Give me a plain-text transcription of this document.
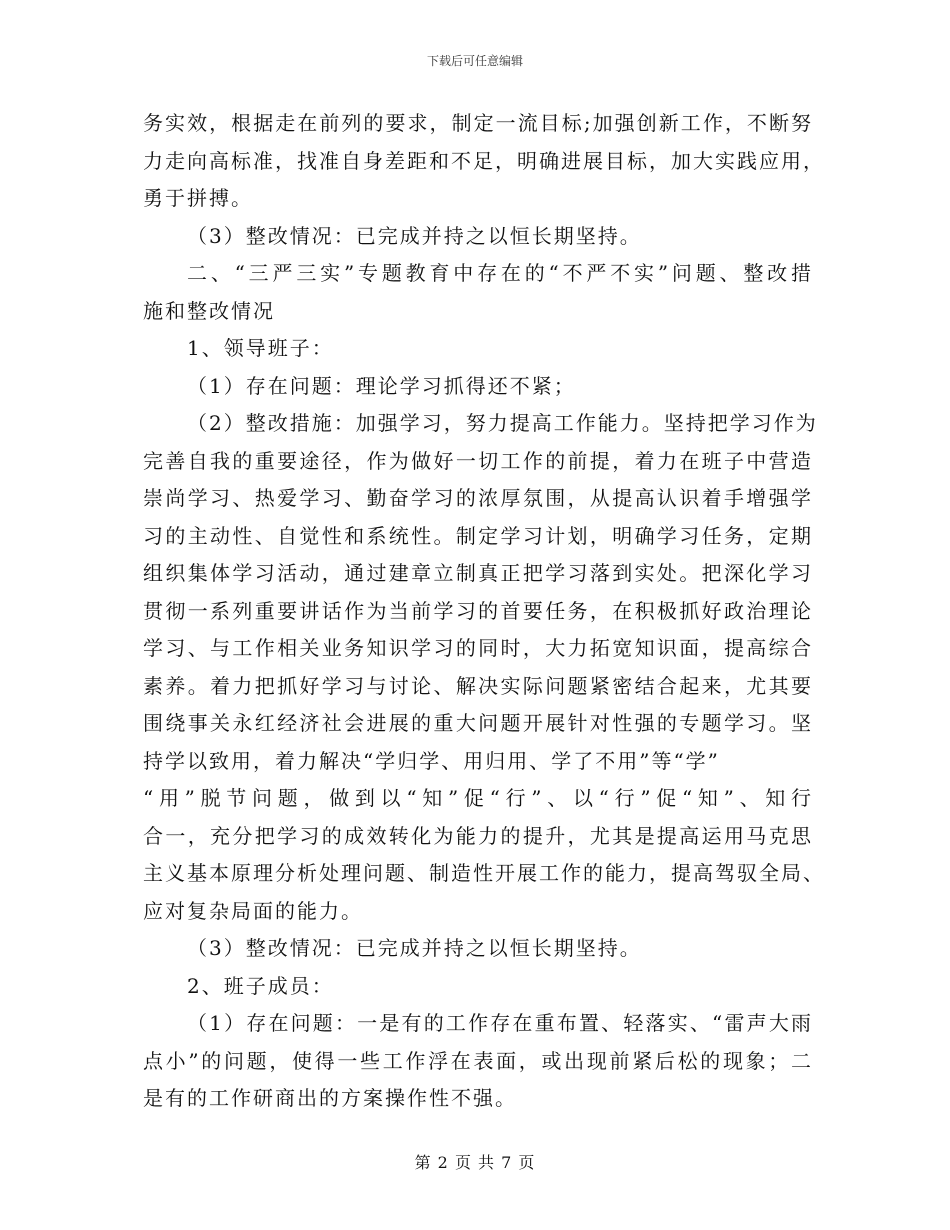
下载后可任意编辑
务实效，根据走在前列的要求，制定一流目标;加强创新工作，不断努
力走向高标准，找准自身差距和不足，明确进展目标，加大实践应用，
勇于拼搏。
（3）整改情况：已完成并持之以恒长期坚持。
二、“三严三实”专题教育中存在的“不严不实”问题、整改措
施和整改情况
1、领导班子：
（1）存在问题：理论学习抓得还不紧；
（2）整改措施：加强学习，努力提高工作能力。坚持把学习作为
完善自我的重要途径，作为做好一切工作的前提，着力在班子中营造
崇尚学习、热爱学习、勤奋学习的浓厚氛围，从提高认识着手增强学
习的主动性、自觉性和系统性。制定学习计划，明确学习任务，定期
组织集体学习活动，通过建章立制真正把学习落到实处。把深化学习
贯彻一系列重要讲话作为当前学习的首要任务，在积极抓好政治理论
学习、与工作相关业务知识学习的同时，大力拓宽知识面，提高综合
素养。着力把抓好学习与讨论、解决实际问题紧密结合起来，尤其要
围绕事关永红经济社会进展的重大问题开展针对性强的专题学习。坚
持学以致用，着力解决“学归学、用归用、学了不用”等“学”
“用”脱节问题，做到以“知”促“行”、以“行”促“知”、知行
合一，充分把学习的成效转化为能力的提升，尤其是提高运用马克思
主义基本原理分析处理问题、制造性开展工作的能力，提高驾驭全局、
应对复杂局面的能力。
（3）整改情况：已完成并持之以恒长期坚持。
2、班子成员：
（1）存在问题：一是有的工作存在重布置、轻落实、“雷声大雨
点小”的问题，使得一些工作浮在表面，或出现前紧后松的现象；二
是有的工作研商出的方案操作性不强。
第 2 页 共 7 页
